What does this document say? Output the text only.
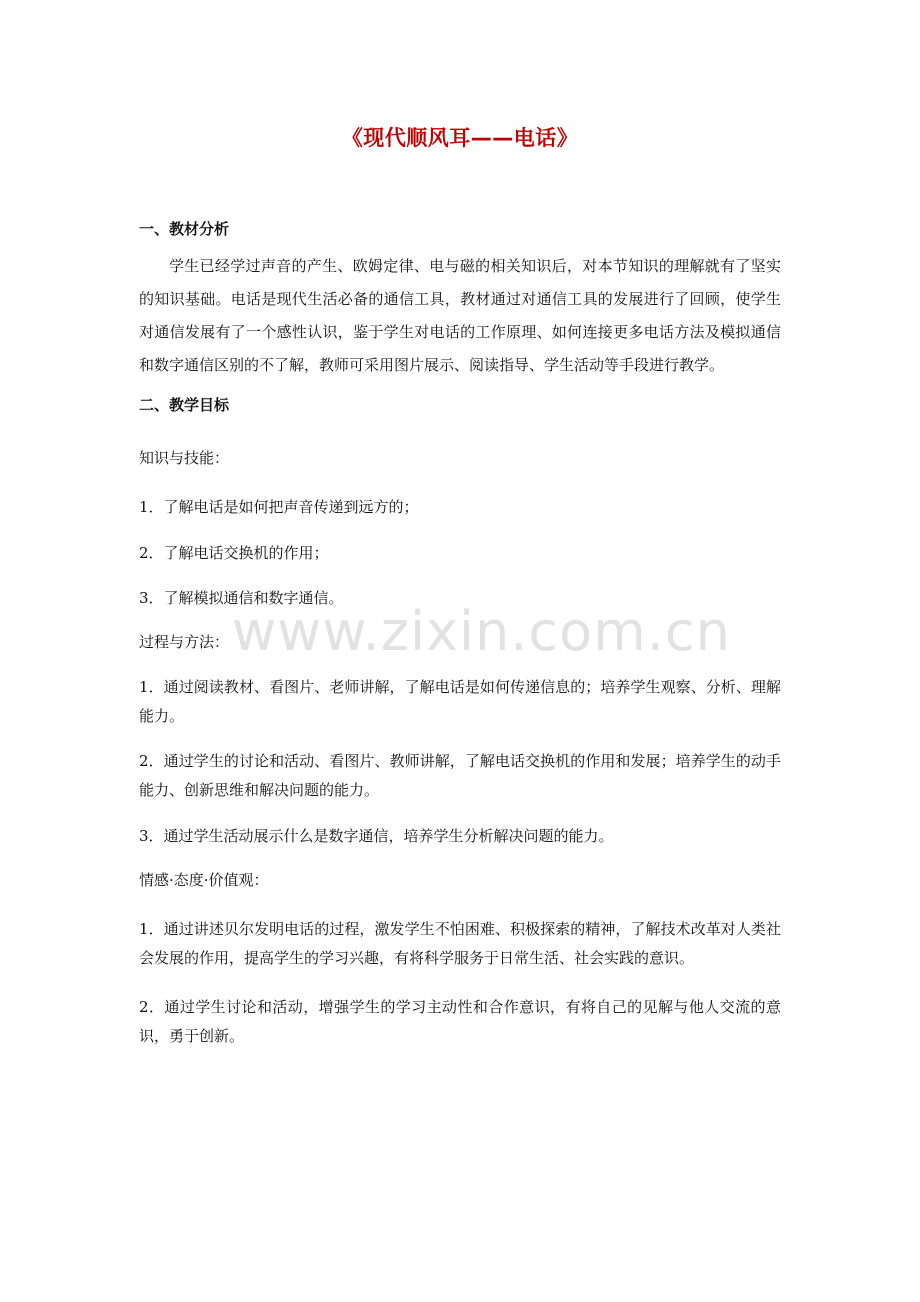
《现代顺风耳——电话》

一、教材分析

学生已经学过声音的产生、欧姆定律、电与磁的相关知识后，对本节知识的理解就有了坚实的知识基础。电话是现代生活必备的通信工具，教材通过对通信工具的发展进行了回顾，使学生对通信发展有了一个感性认识，鉴于学生对电话的工作原理、如何连接更多电话方法及模拟通信和数字通信区别的不了解，教师可采用图片展示、阅读指导、学生活动等手段进行教学。

二、教学目标

知识与技能：

1．了解电话是如何把声音传递到远方的；

2．了解电话交换机的作用；

3．了解模拟通信和数字通信。

过程与方法：

1．通过阅读教材、看图片、老师讲解，了解电话是如何传递信息的；培养学生观察、分析、理解能力。

2．通过学生的讨论和活动、看图片、教师讲解，了解电话交换机的作用和发展；培养学生的动手能力、创新思维和解决问题的能力。

3．通过学生活动展示什么是数字通信，培养学生分析解决问题的能力。

情感·态度·价值观：

1．通过讲述贝尔发明电话的过程，激发学生不怕困难、积极探索的精神，了解技术改革对人类社会发展的作用，提高学生的学习兴趣，有将科学服务于日常生活、社会实践的意识。

2．通过学生讨论和活动，增强学生的学习主动性和合作意识，有将自己的见解与他人交流的意识，勇于创新。

www.zixin.com.cn
